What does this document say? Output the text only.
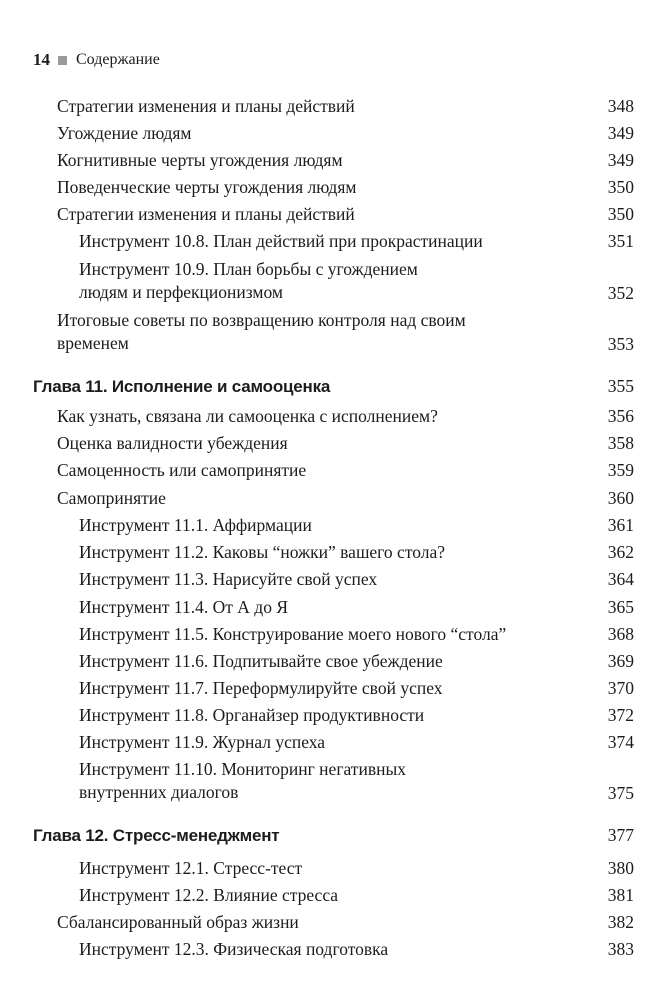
14 Содержание
Стратегии изменения и планы действий	348
Угождение людям	349
Когнитивные черты угождения людям	349
Поведенческие черты угождения людям	350
Стратегии изменения и планы действий	350
Инструмент 10.8. План действий при прокрастинации	351
Инструмент 10.9. План борьбы с угождением
людям и перфекционизмом	352
Итоговые советы по возвращению контроля над своим
временем	353
Глава 11. Исполнение и самооценка	355
Как узнать, связана ли самооценка с исполнением?	356
Оценка валидности убеждения	358
Самоценность или самопринятие	359
Самопринятие	360
Инструмент 11.1. Аффирмации	361
Инструмент 11.2. Каковы “ножки” вашего стола?	362
Инструмент 11.3. Нарисуйте свой успех	364
Инструмент 11.4. От А до Я	365
Инструмент 11.5. Конструирование моего нового “стола”	368
Инструмент 11.6. Подпитывайте свое убеждение	369
Инструмент 11.7. Переформулируйте свой успех	370
Инструмент 11.8. Органайзер продуктивности	372
Инструмент 11.9. Журнал успеха	374
Инструмент 11.10. Мониторинг негативных
внутренних диалогов	375
Глава 12. Стресс-менеджмент	377
Инструмент 12.1. Стресс-тест	380
Инструмент 12.2. Влияние стресса	381
Сбалансированный образ жизни	382
Инструмент 12.3. Физическая подготовка	383
